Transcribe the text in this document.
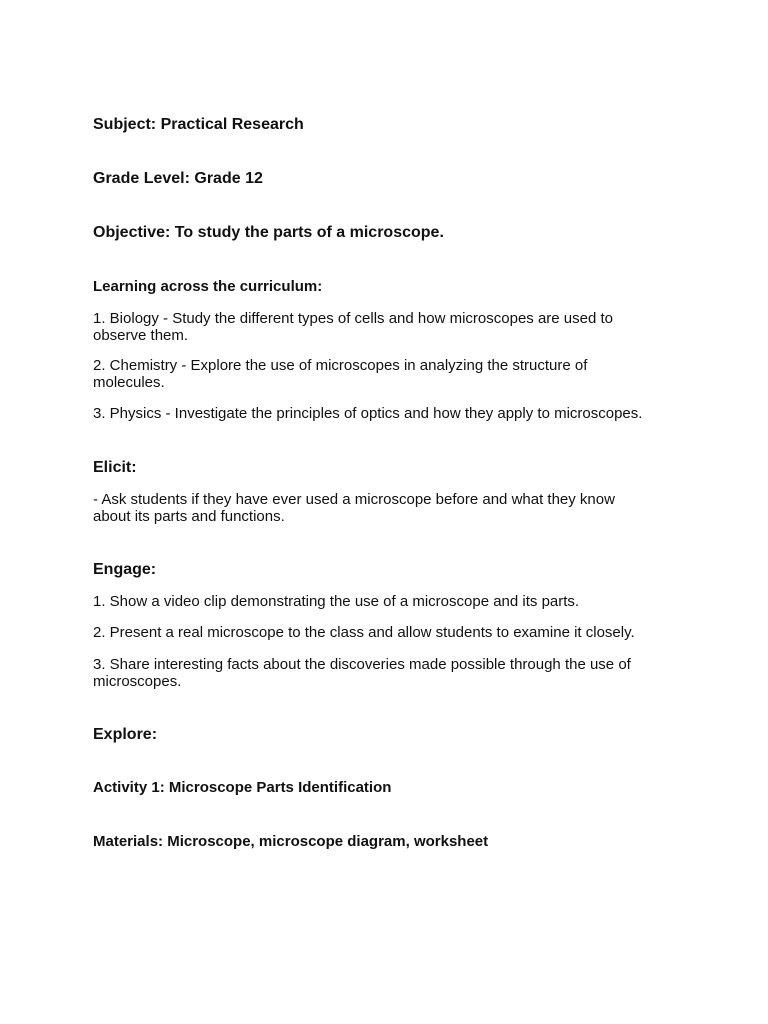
Subject: Practical Research
Grade Level: Grade 12
Objective: To study the parts of a microscope.
Learning across the curriculum:
1. Biology - Study the different types of cells and how microscopes are used to
observe them.
2. Chemistry - Explore the use of microscopes in analyzing the structure of
molecules.
3. Physics - Investigate the principles of optics and how they apply to microscopes.
Elicit:
- Ask students if they have ever used a microscope before and what they know
about its parts and functions.
Engage:
1. Show a video clip demonstrating the use of a microscope and its parts.
2. Present a real microscope to the class and allow students to examine it closely.
3. Share interesting facts about the discoveries made possible through the use of
microscopes.
Explore:
Activity 1: Microscope Parts Identification
Materials: Microscope, microscope diagram, worksheet
